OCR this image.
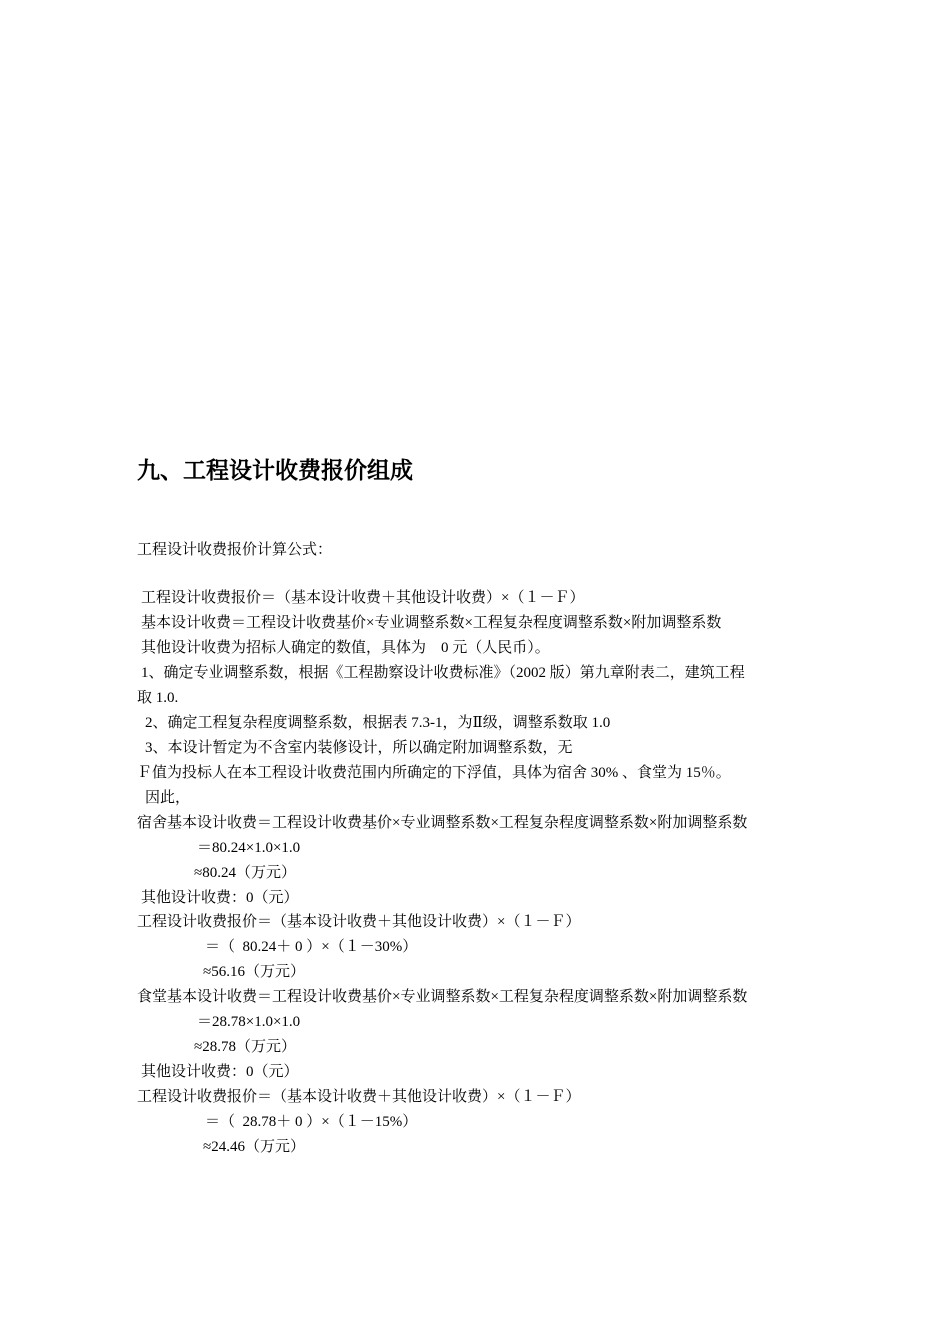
九、工程设计收费报价组成

工程设计收费报价计算公式：

工程设计收费报价＝（基本设计收费＋其他设计收费）×（１－Ｆ）

基本设计收费＝工程设计收费基价×专业调整系数×工程复杂程度调整系数×附加调整系数

其他设计收费为招标人确定的数值，具体为　0 元（人民币）。

1、确定专业调整系数，根据《工程勘察设计收费标准》（2002 版）第九章附表二，建筑工程

取 1.0.

2、确定工程复杂程度调整系数，根据表 7.3-1，为Ⅱ级，调整系数取 1.0

3、本设计暂定为不含室内装修设计，所以确定附加调整系数，无

Ｆ值为投标人在本工程设计收费范围内所确定的下浮值，具体为宿舍 30% 、食堂为 15％。

因此，

宿舍基本设计收费＝工程设计收费基价×专业调整系数×工程复杂程度调整系数×附加调整系数

＝80.24×1.0×1.0

≈80.24（万元）

其他设计收费：0（元）

工程设计收费报价＝（基本设计收费＋其他设计收费）×（１－Ｆ）

＝（  80.24＋ 0 ）×（１－30%）

≈56.16（万元）

食堂基本设计收费＝工程设计收费基价×专业调整系数×工程复杂程度调整系数×附加调整系数

＝28.78×1.0×1.0

≈28.78（万元）

其他设计收费：0（元）

工程设计收费报价＝（基本设计收费＋其他设计收费）×（１－Ｆ）

＝（  28.78＋ 0 ）×（１－15%）

≈24.46（万元）
